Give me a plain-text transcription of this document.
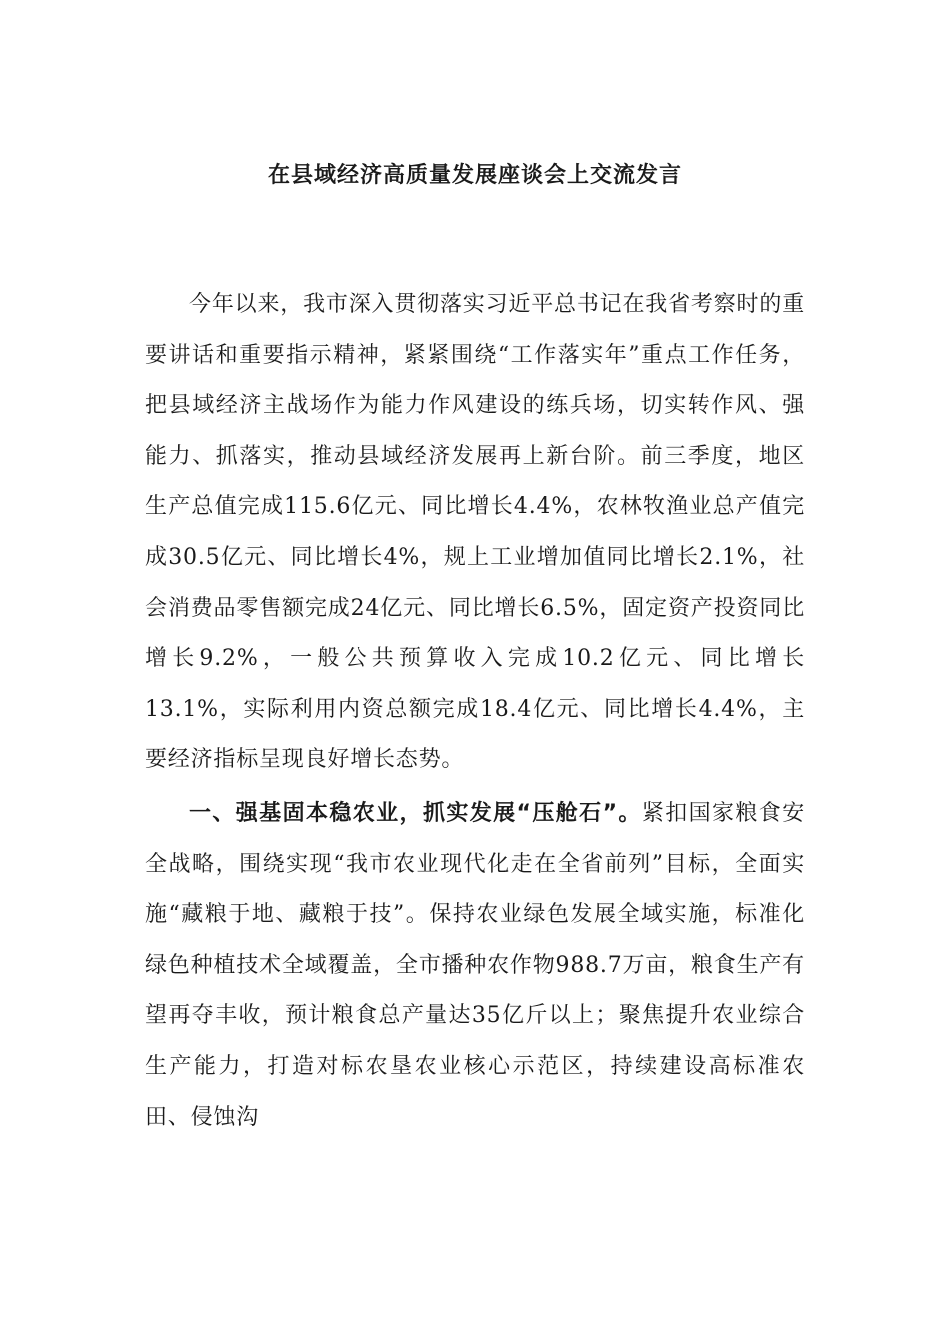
在县域经济高质量发展座谈会上交流发言

今年以来，我市深入贯彻落实习近平总书记在我省考察时的重要讲话和重要指示精神，紧紧围绕“工作落实年”重点工作任务，把县域经济主战场作为能力作风建设的练兵场，切实转作风、强能力、抓落实，推动县域经济发展再上新台阶。前三季度，地区生产总值完成115.6亿元、同比增长4.4%，农林牧渔业总产值完成30.5亿元、同比增长4%，规上工业增加值同比增长2.1%，社会消费品零售额完成24亿元、同比增长6.5%，固定资产投资同比增长9.2%，一般公共预算收入完成10.2亿元、同比增长13.1%，实际利用内资总额完成18.4亿元、同比增长4.4%，主要经济指标呈现良好增长态势。

一、强基固本稳农业，抓实发展“压舱石”。紧扣国家粮食安全战略，围绕实现“我市农业现代化走在全省前列”目标，全面实施“藏粮于地、藏粮于技”。保持农业绿色发展全域实施，标准化绿色种植技术全域覆盖，全市播种农作物988.7万亩，粮食生产有望再夺丰收，预计粮食总产量达35亿斤以上；聚焦提升农业综合生产能力，打造对标农垦农业核心示范区，持续建设高标准农田、侵蚀沟
